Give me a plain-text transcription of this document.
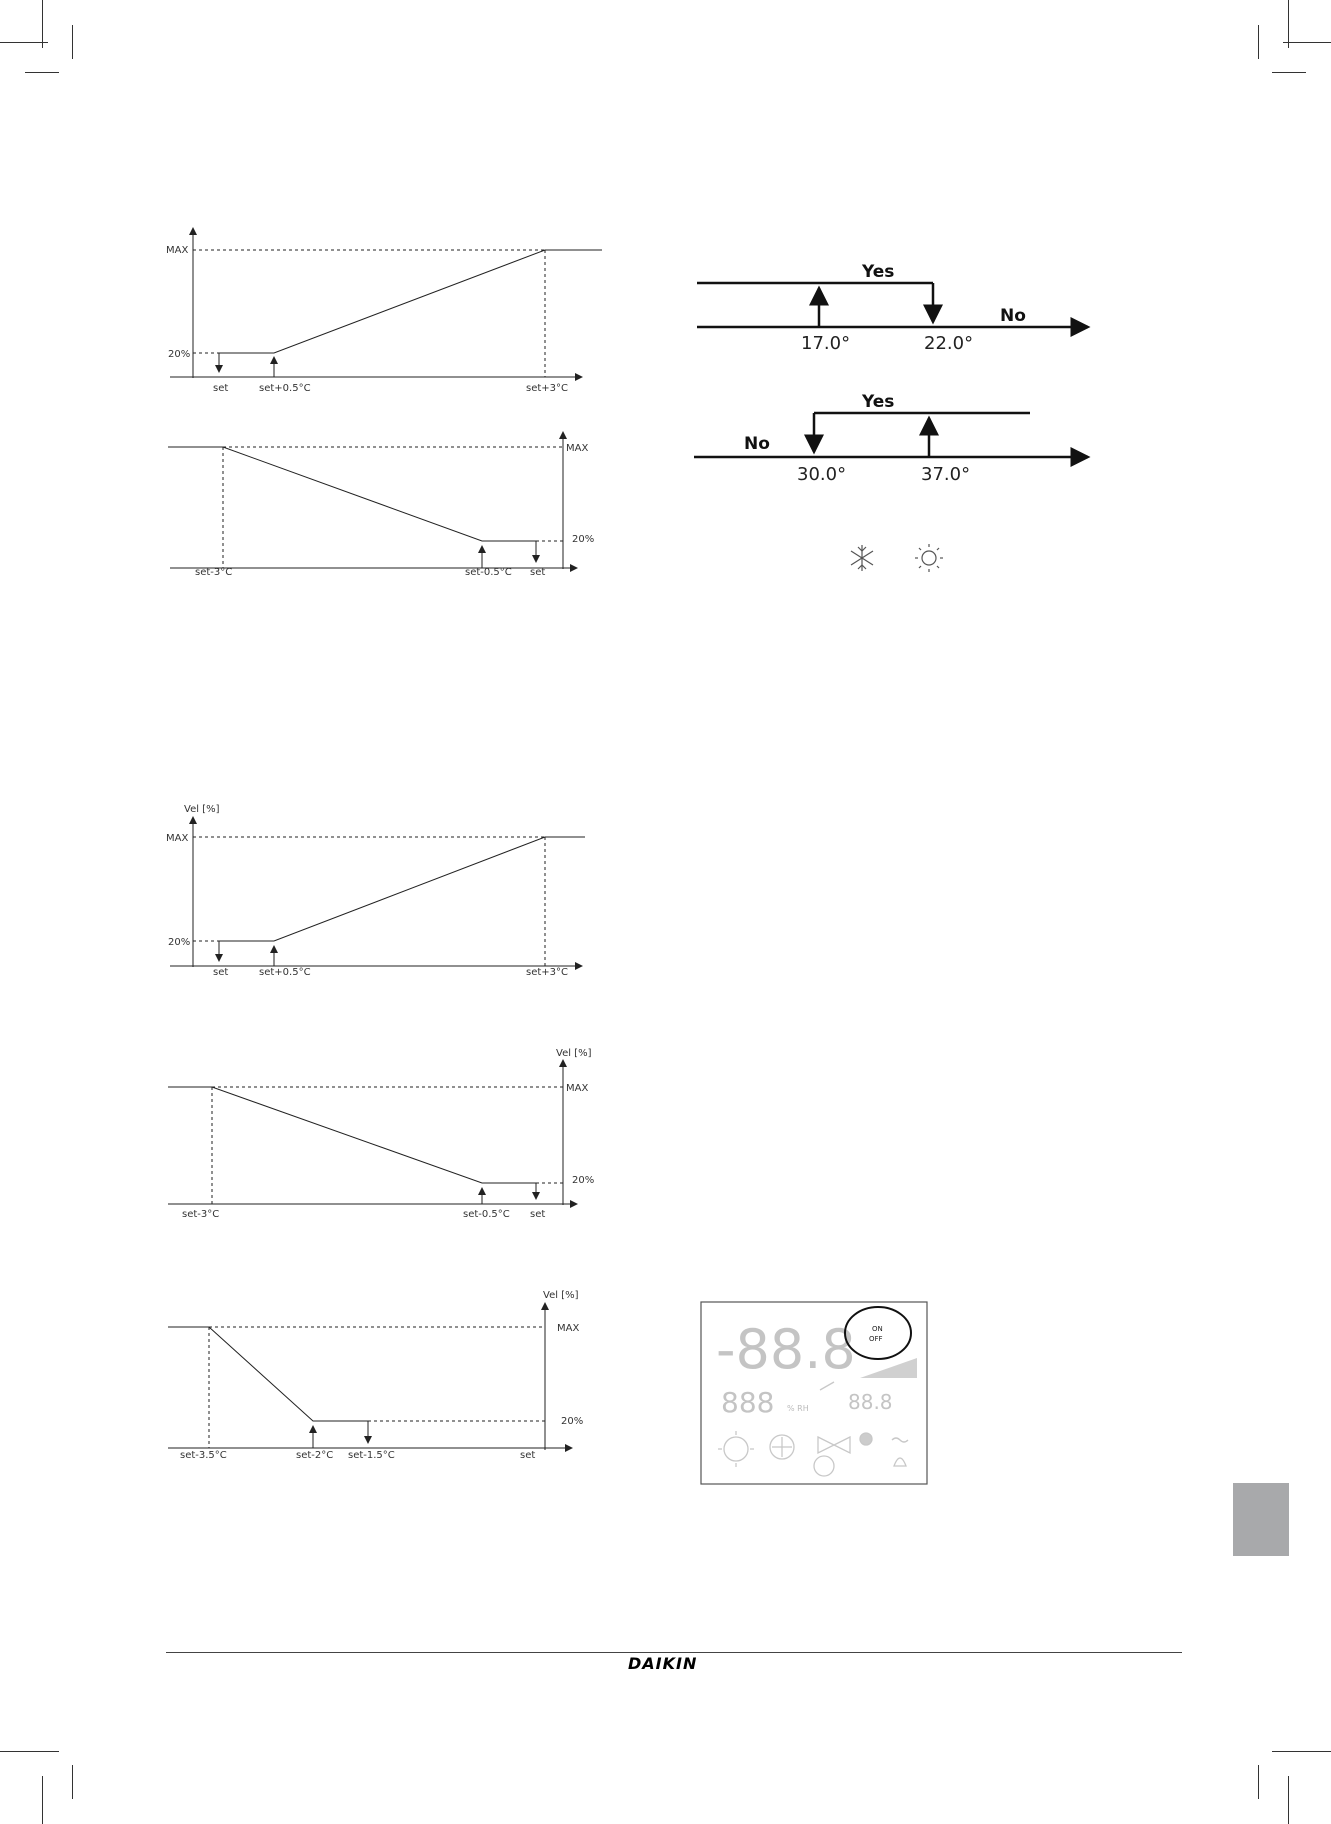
MAX
20%
set	set+0.5°C	set+3°C
MAX
20%
set-3°C	set-0.5°C set
Vel [%]
MAX
20%
set	set+0.5°C	set+3°C
Vel [%]
MAX
20%
set-3°C	set-0.5°C set
Vel [%]
MAX
20%
set-3.5°C	set-2°C set-1.5°C	set
Yes
No
17.0°	22.0°
Yes
No
30.0°	37.0°
-88.8
888 % RH 88.8
ON
OFF
DAIKIN
